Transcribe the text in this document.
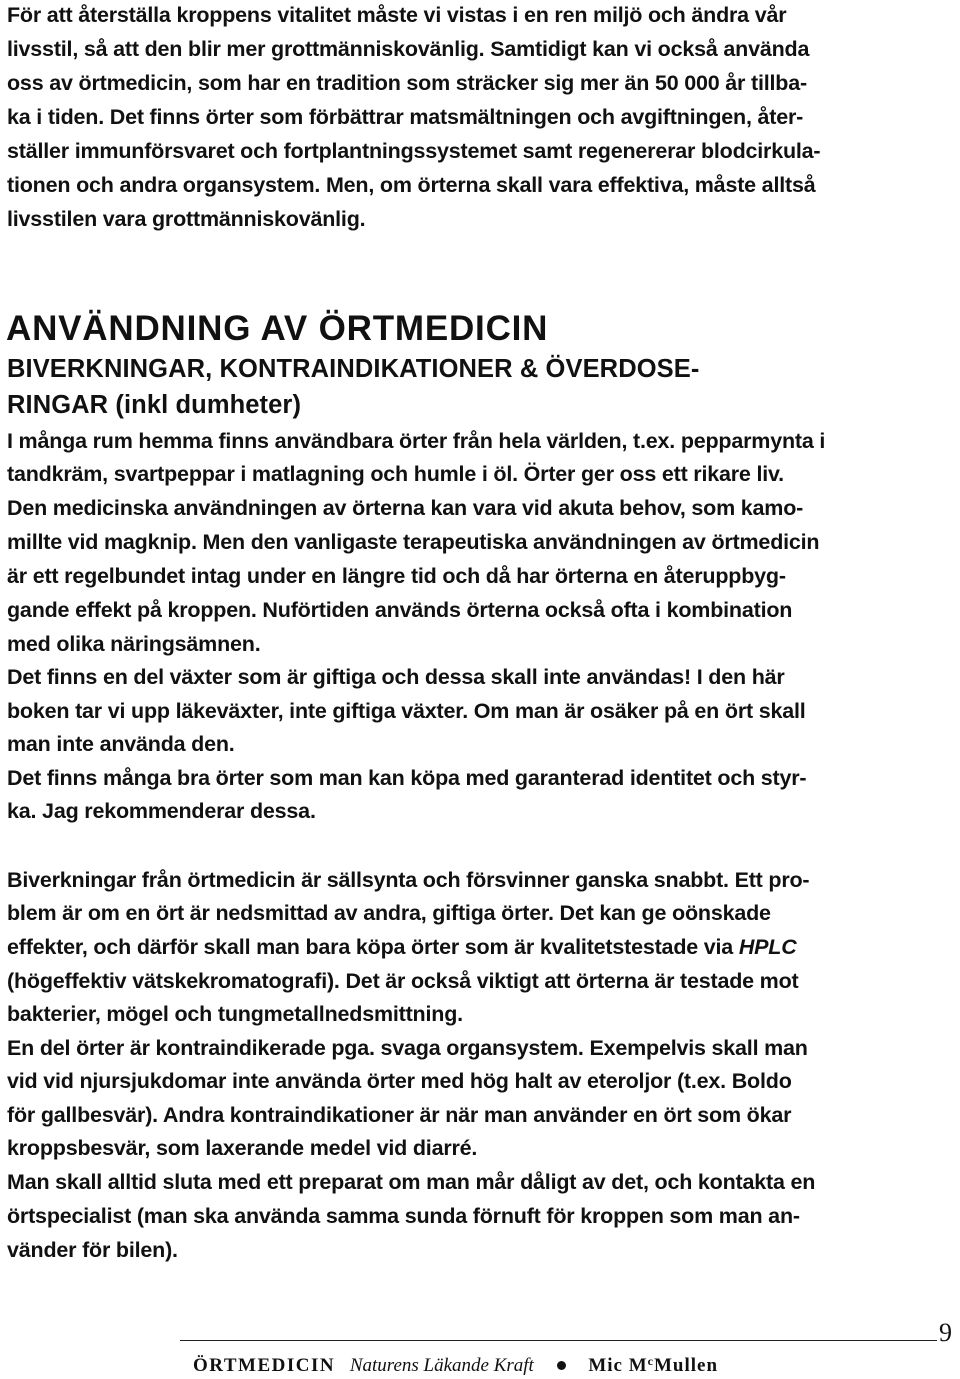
För att återställa kroppens vitalitet måste vi vistas i en ren miljö och ändra vår
livsstil, så att den blir mer grottmänniskovänlig. Samtidigt kan vi också använda
oss av örtmedicin, som har en tradition som sträcker sig mer än 50 000 år tillba-
ka i tiden. Det finns örter som förbättrar matsmältningen och avgiftningen, åter-
ställer immunförsvaret och fortplantningssystemet samt regenererar blodcirkula-
tionen och andra organsystem. Men, om örterna skall vara effektiva, måste alltså
livsstilen vara grottmänniskovänlig.
ANVÄNDNING AV ÖRTMEDICIN
BIVERKNINGAR, KONTRAINDIKATIONER & ÖVERDOSE-
RINGAR (inkl dumheter)
I många rum hemma finns användbara örter från hela världen, t.ex. pepparmynta i
tandkräm, svartpeppar i matlagning och humle i öl. Örter ger oss ett rikare liv.
Den medicinska användningen av örterna kan vara vid akuta behov, som kamo-
millte vid magknip. Men den vanligaste terapeutiska användningen av örtmedicin
är ett regelbundet intag under en längre tid och då har örterna en återuppbyg-
gande effekt på kroppen. Nuförtiden används örterna också ofta i kombination
med olika näringsämnen.
Det finns en del växter som är giftiga och dessa skall inte användas! I den här
boken tar vi upp läkeväxter, inte giftiga växter. Om man är osäker på en ört skall
man inte använda den.
Det finns många bra örter som man kan köpa med garanterad identitet och styr-
ka. Jag rekommenderar dessa.
Biverkningar från örtmedicin är sällsynta och försvinner ganska snabbt. Ett pro-
blem är om en ört är nedsmittad av andra, giftiga örter. Det kan ge oönskade
effekter, och därför skall man bara köpa örter som är kvalitetstestade via HPLC
(högeffektiv vätskekromatografi). Det är också viktigt att örterna är testade mot
bakterier, mögel och tungmetallnedsmittning.
En del örter är kontraindikerade pga. svaga organsystem. Exempelvis skall man
vid vid njursjukdomar inte använda örter med hög halt av eteroljor (t.ex. Boldo
för gallbesvär). Andra kontraindikationer är när man använder en ört som ökar
kroppsbesvär, som laxerande medel vid diarré.
Man skall alltid sluta med ett preparat om man mår dåligt av det, och kontakta en
örtspecialist (man ska använda samma sunda förnuft för kroppen som man an-
vänder för bilen).
9
ÖRTMEDICIN Naturens Läkande Kraft	Mic $M^cMullen$
